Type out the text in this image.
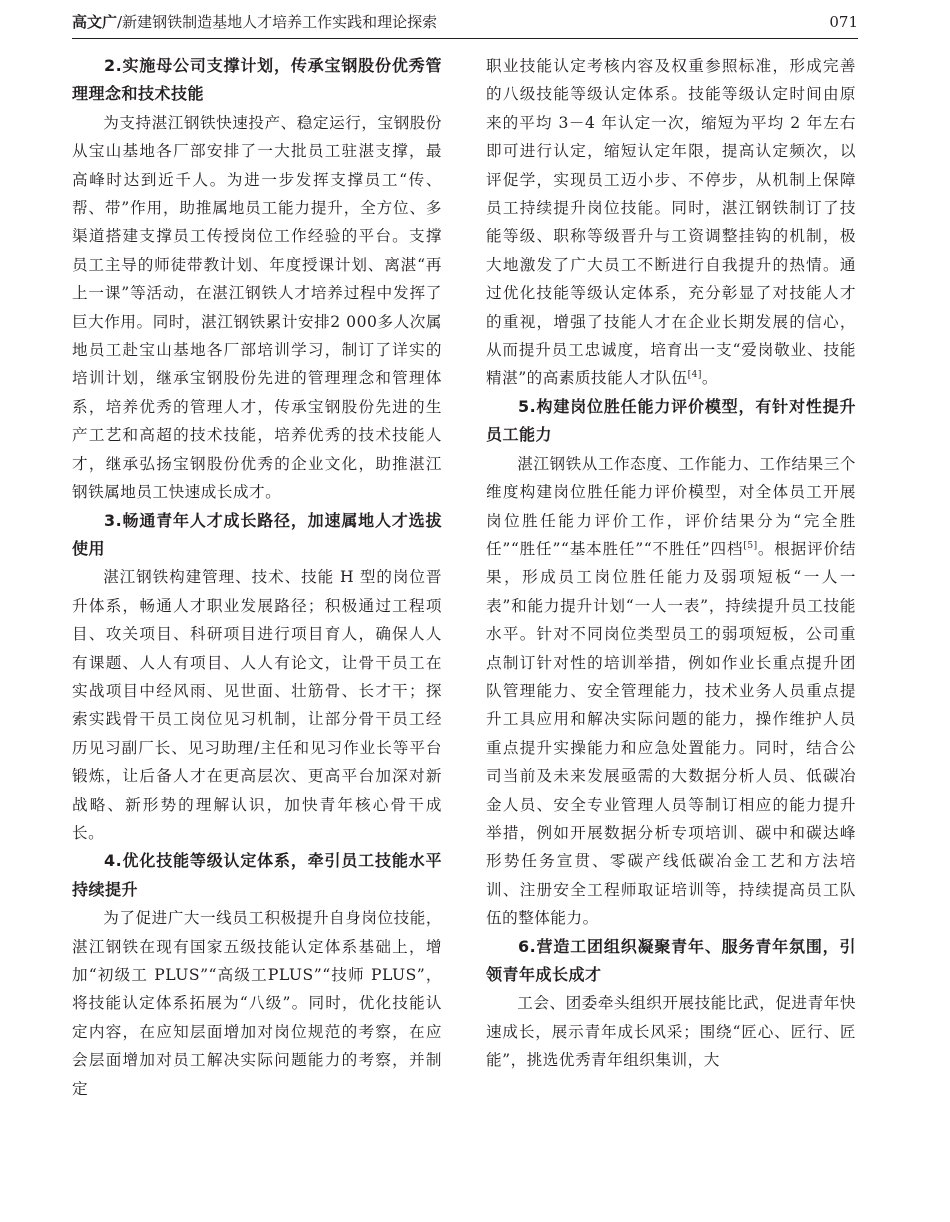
高文广/新建钢铁制造基地人才培养工作实践和理论探索	071

2.实施母公司支撑计划，传承宝钢股份优秀管理理念和技术技能

为支持湛江钢铁快速投产、稳定运行，宝钢股份从宝山基地各厂部安排了一大批员工驻湛支撑，最高峰时达到近千人。为进一步发挥支撑员工“传、帮、带”作用，助推属地员工能力提升，全方位、多渠道搭建支撑员工传授岗位工作经验的平台。支撑员工主导的师徒带教计划、年度授课计划、离湛“再上一课”等活动，在湛江钢铁人才培养过程中发挥了巨大作用。同时，湛江钢铁累计安排2 000多人次属地员工赴宝山基地各厂部培训学习，制订了详实的培训计划，继承宝钢股份先进的管理理念和管理体系，培养优秀的管理人才，传承宝钢股份先进的生产工艺和高超的技术技能，培养优秀的技术技能人才，继承弘扬宝钢股份优秀的企业文化，助推湛江钢铁属地员工快速成长成才。

3.畅通青年人才成长路径，加速属地人才选拔使用

湛江钢铁构建管理、技术、技能 H 型的岗位晋升体系，畅通人才职业发展路径；积极通过工程项目、攻关项目、科研项目进行项目育人，确保人人有课题、人人有项目、人人有论文，让骨干员工在实战项目中经风雨、见世面、壮筋骨、长才干；探索实践骨干员工岗位见习机制，让部分骨干员工经历见习副厂长、见习助理/主任和见习作业长等平台锻炼，让后备人才在更高层次、更高平台加深对新战略、新形势的理解认识，加快青年核心骨干成长。

4.优化技能等级认定体系，牵引员工技能水平持续提升

为了促进广大一线员工积极提升自身岗位技能，湛江钢铁在现有国家五级技能认定体系基础上，增加“初级工 PLUS”“高级工PLUS”“技师 PLUS”，将技能认定体系拓展为“八级”。同时，优化技能认定内容，在应知层面增加对岗位规范的考察，在应会层面增加对员工解决实际问题能力的考察，并制定

职业技能认定考核内容及权重参照标准，形成完善的八级技能等级认定体系。技能等级认定时间由原来的平均 3－4 年认定一次，缩短为平均 2 年左右即可进行认定，缩短认定年限，提高认定频次，以评促学，实现员工迈小步、不停步，从机制上保障员工持续提升岗位技能。同时，湛江钢铁制订了技能等级、职称等级晋升与工资调整挂钩的机制，极大地激发了广大员工不断进行自我提升的热情。通过优化技能等级认定体系，充分彰显了对技能人才的重视，增强了技能人才在企业长期发展的信心，从而提升员工忠诚度，培育出一支“爱岗敬业、技能精湛”的高素质技能人才队伍[4]。

5.构建岗位胜任能力评价模型，有针对性提升员工能力

湛江钢铁从工作态度、工作能力、工作结果三个维度构建岗位胜任能力评价模型，对全体员工开展岗位胜任能力评价工作，评价结果分为“完全胜任”“胜任”“基本胜任”“不胜任”四档[5]。根据评价结果，形成员工岗位胜任能力及弱项短板“一人一表”和能力提升计划“一人一表”，持续提升员工技能水平。针对不同岗位类型员工的弱项短板，公司重点制订针对性的培训举措，例如作业长重点提升团队管理能力、安全管理能力，技术业务人员重点提升工具应用和解决实际问题的能力，操作维护人员重点提升实操能力和应急处置能力。同时，结合公司当前及未来发展亟需的大数据分析人员、低碳冶金人员、安全专业管理人员等制订相应的能力提升举措，例如开展数据分析专项培训、碳中和碳达峰形势任务宣贯、零碳产线低碳冶金工艺和方法培训、注册安全工程师取证培训等，持续提高员工队伍的整体能力。

6.营造工团组织凝聚青年、服务青年氛围，引领青年成长成才

工会、团委牵头组织开展技能比武，促进青年快速成长，展示青年成长风采；围绕“匠心、匠行、匠能”，挑选优秀青年组织集训，大
